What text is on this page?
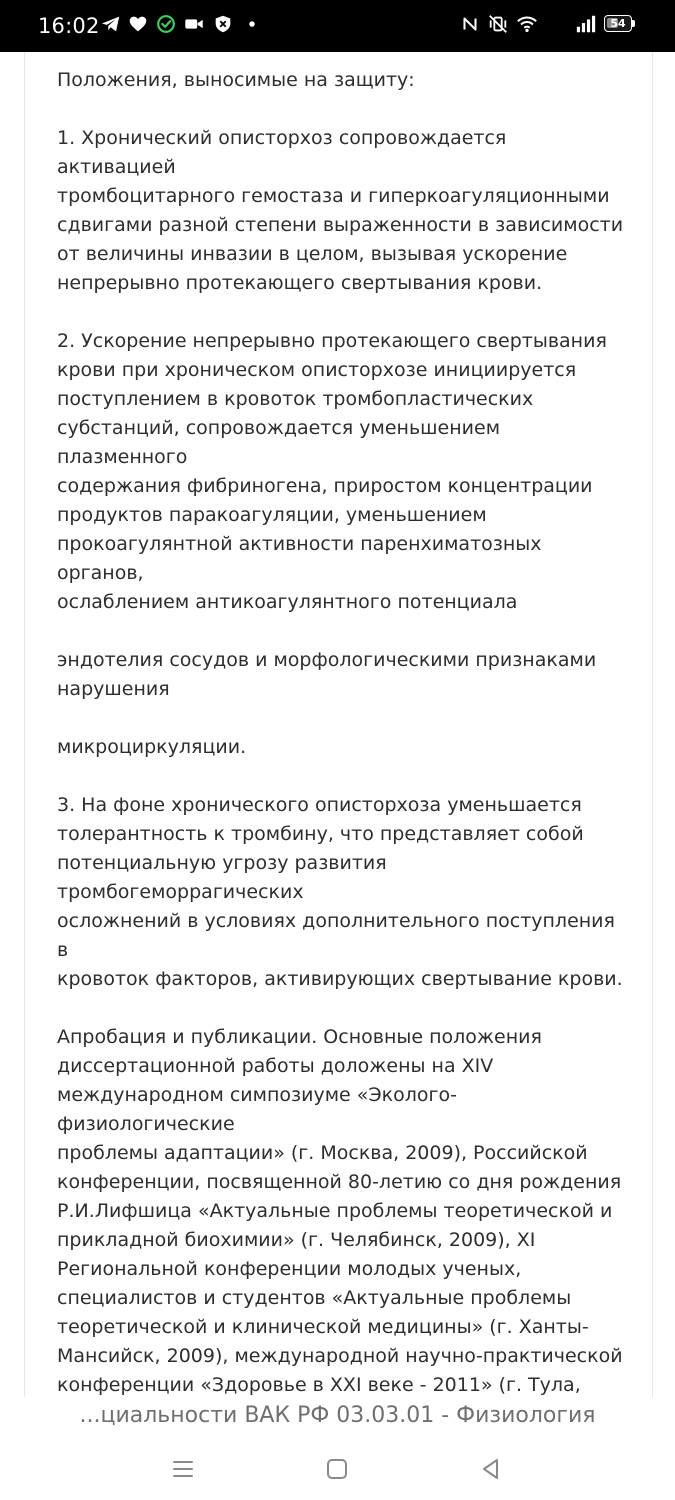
16:02	54

Положения, выносимые на защиту:

1. Хронический описторхоз сопровождается активацией
тромбоцитарного гемостаза и гиперкоагуляционными
сдвигами разной степени выраженности в зависимости
от величины инвазии в целом, вызывая ускорение
непрерывно протекающего свертывания крови.

2. Ускорение непрерывно протекающего свертывания
крови при хроническом описторхозе инициируется
поступлением в кровоток тромбопластических
субстанций, сопровождается уменьшением плазменного
содержания фибриногена, приростом концентрации
продуктов паракоагуляции, уменьшением
прокоагулянтной активности паренхиматозных органов,
ослаблением антикоагулянтного потенциала

эндотелия сосудов и морфологическими признаками
нарушения

микроциркуляции.

3. На фоне хронического описторхоза уменьшается
толерантность к тромбину, что представляет собой
потенциальную угрозу развития тромбогеморрагических
осложнений в условиях дополнительного поступления в
кровоток факторов, активирующих свертывание крови.

Апробация и публикации. Основные положения
диссертационной работы доложены на XIV
международном симпозиуме «Эколого-физиологические
проблемы адаптации» (г. Москва, 2009), Российской
конференции, посвященной 80-летию со дня рождения
Р.И.Лифшица «Актуальные проблемы теоретической и
прикладной биохимии» (г. Челябинск, 2009), XI
Региональной конференции молодых ученых,
специалистов и студентов «Актуальные проблемы
теоретической и клинической медицины» (г. Ханты-
Мансийск, 2009), международной научно-практической
конференции «Здоровье в XXI веке - 2011» (г. Тула,

...циальности ВАК РФ 03.03.01 - Физиология
